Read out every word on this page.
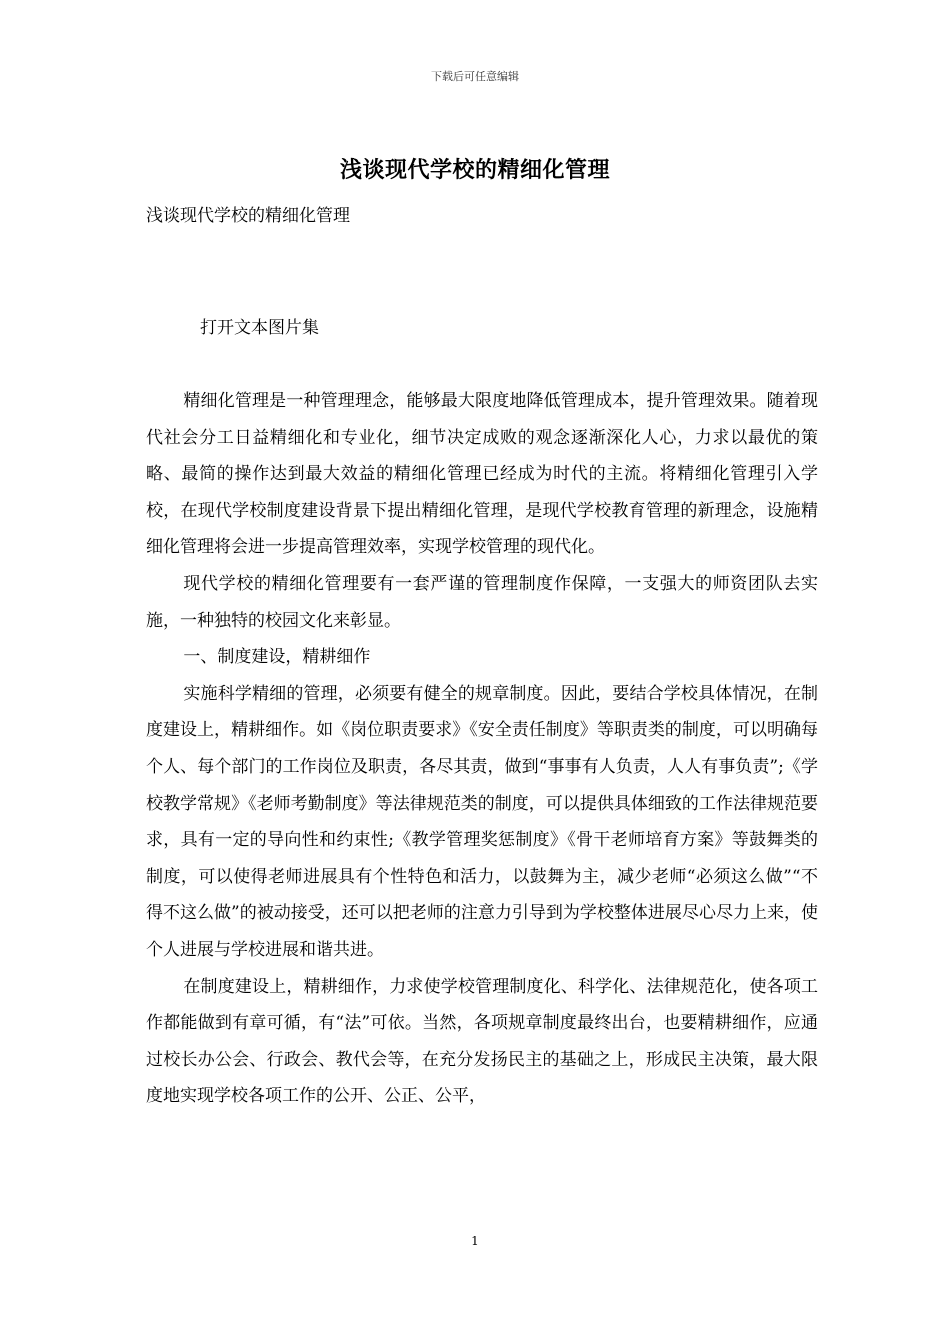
下载后可任意编辑
浅谈现代学校的精细化管理
浅谈现代学校的精细化管理
打开文本图片集

精细化管理是一种管理理念，能够最大限度地降低管理成本，提升管理效果。随着现代社会分工日益精细化和专业化，细节决定成败的观念逐渐深化人心，力求以最优的策略、最简的操作达到最大效益的精细化管理已经成为时代的主流。将精细化管理引入学校，在现代学校制度建设背景下提出精细化管理，是现代学校教育管理的新理念，设施精细化管理将会进一步提高管理效率，实现学校管理的现代化。

现代学校的精细化管理要有一套严谨的管理制度作保障，一支强大的师资团队去实施，一种独特的校园文化来彰显。

一、制度建设，精耕细作

实施科学精细的管理，必须要有健全的规章制度。因此，要结合学校具体情况，在制度建设上，精耕细作。如《岗位职责要求》《安全责任制度》等职责类的制度，可以明确每个人、每个部门的工作岗位及职责，各尽其责，做到“事事有人负责，人人有事负责”;《学校教学常规》《老师考勤制度》等法律规范类的制度，可以提供具体细致的工作法律规范要求，具有一定的导向性和约束性;《教学管理奖惩制度》《骨干老师培育方案》等鼓舞类的制度，可以使得老师进展具有个性特色和活力，以鼓舞为主，减少老师“必须这么做”“不得不这么做”的被动接受，还可以把老师的注意力引导到为学校整体进展尽心尽力上来，使个人进展与学校进展和谐共进。

在制度建设上，精耕细作，力求使学校管理制度化、科学化、法律规范化，使各项工作都能做到有章可循，有“法”可依。当然，各项规章制度最终出台，也要精耕细作，应通过校长办公会、行政会、教代会等，在充分发扬民主的基础之上，形成民主决策，最大限度地实现学校各项工作的公开、公正、公平，

1
